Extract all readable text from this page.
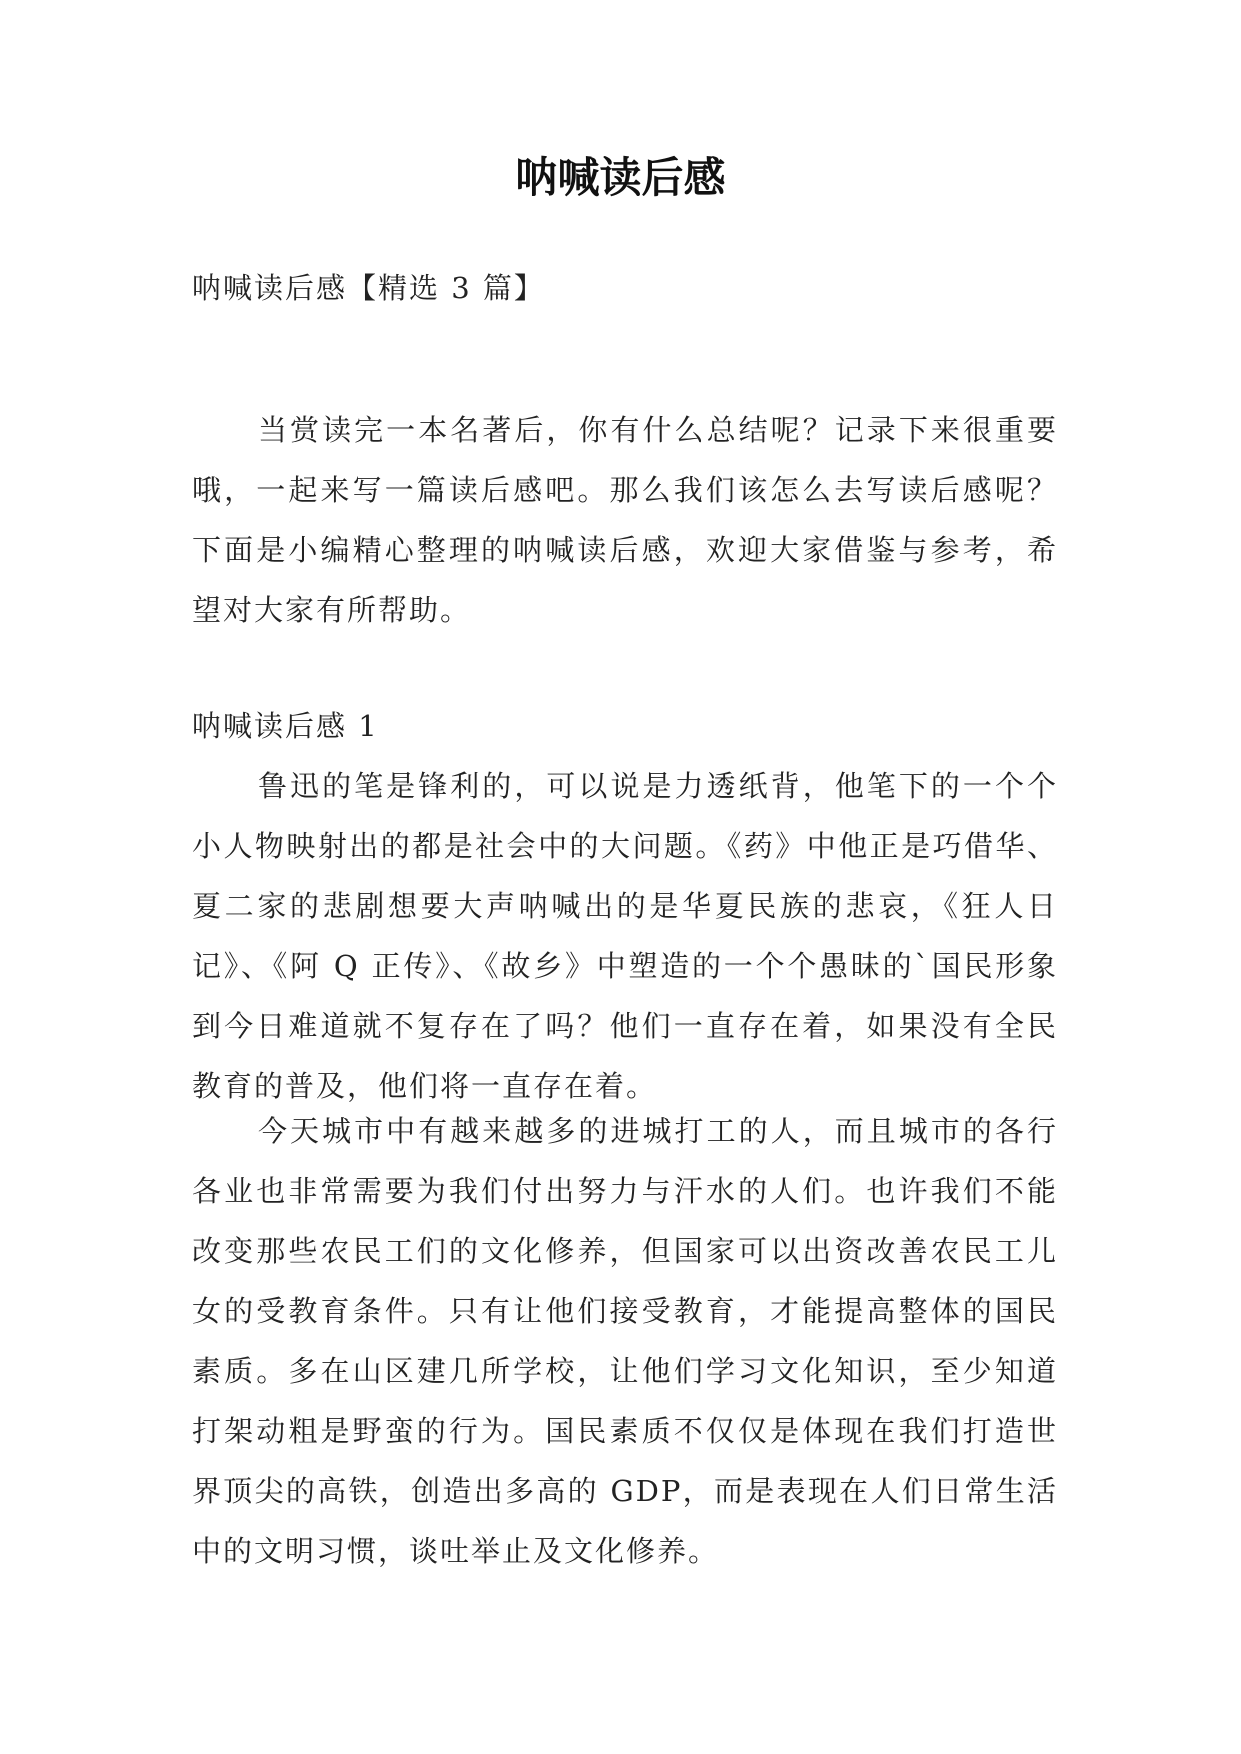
呐喊读后感

呐喊读后感【精选 3 篇】

当赏读完一本名著后，你有什么总结呢？记录下来很重要哦，一起来写一篇读后感吧。那么我们该怎么去写读后感呢？下面是小编精心整理的呐喊读后感，欢迎大家借鉴与参考，希望对大家有所帮助。

呐喊读后感 1

鲁迅的笔是锋利的，可以说是力透纸背，他笔下的一个个小人物映射出的都是社会中的大问题。《药》中他正是巧借华、夏二家的悲剧想要大声呐喊出的是华夏民族的悲哀，《狂人日记》、《阿 Q 正传》、《故乡》中塑造的一个个愚昧的`国民形象到今日难道就不复存在了吗？他们一直存在着，如果没有全民教育的普及，他们将一直存在着。

今天城市中有越来越多的进城打工的人，而且城市的各行各业也非常需要为我们付出努力与汗水的人们。也许我们不能改变那些农民工们的文化修养，但国家可以出资改善农民工儿女的受教育条件。只有让他们接受教育，才能提高整体的国民素质。多在山区建几所学校，让他们学习文化知识，至少知道打架动粗是野蛮的行为。国民素质不仅仅是体现在我们打造世界顶尖的高铁，创造出多高的 GDP，而是表现在人们日常生活中的文明习惯，谈吐举止及文化修养。
